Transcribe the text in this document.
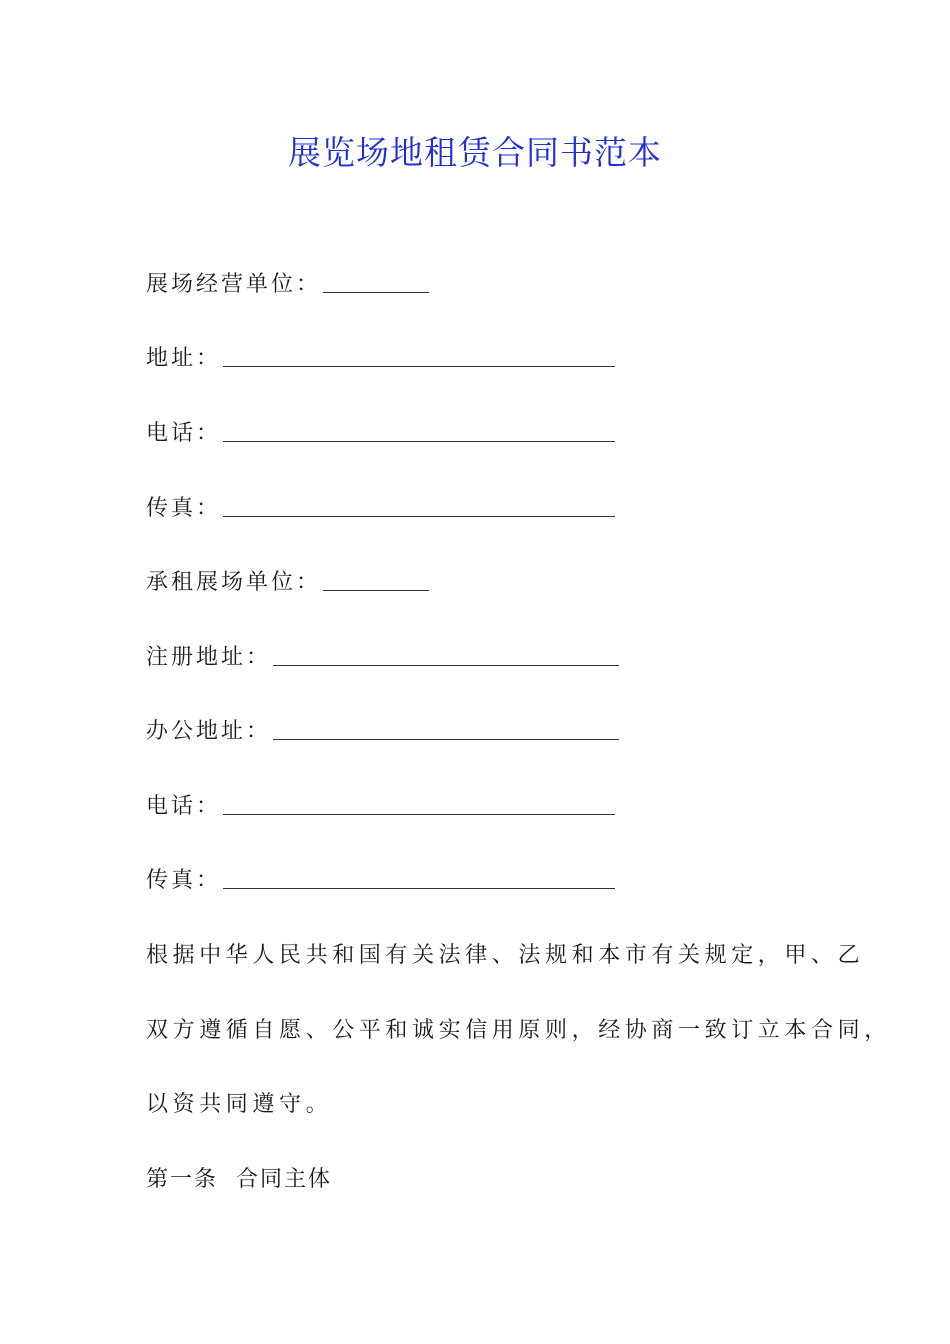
展览场地租赁合同书范本
展场经营单位：
地址：
电话：
传真：
承租展场单位：
注册地址：
办公地址：
电话：
传真：
根据中华人民共和国有关法律、法规和本市有关规定，甲、乙
双方遵循自愿、公平和诚实信用原则，经协商一致订立本合同，
以资共同遵守。
第一条  合同主体
